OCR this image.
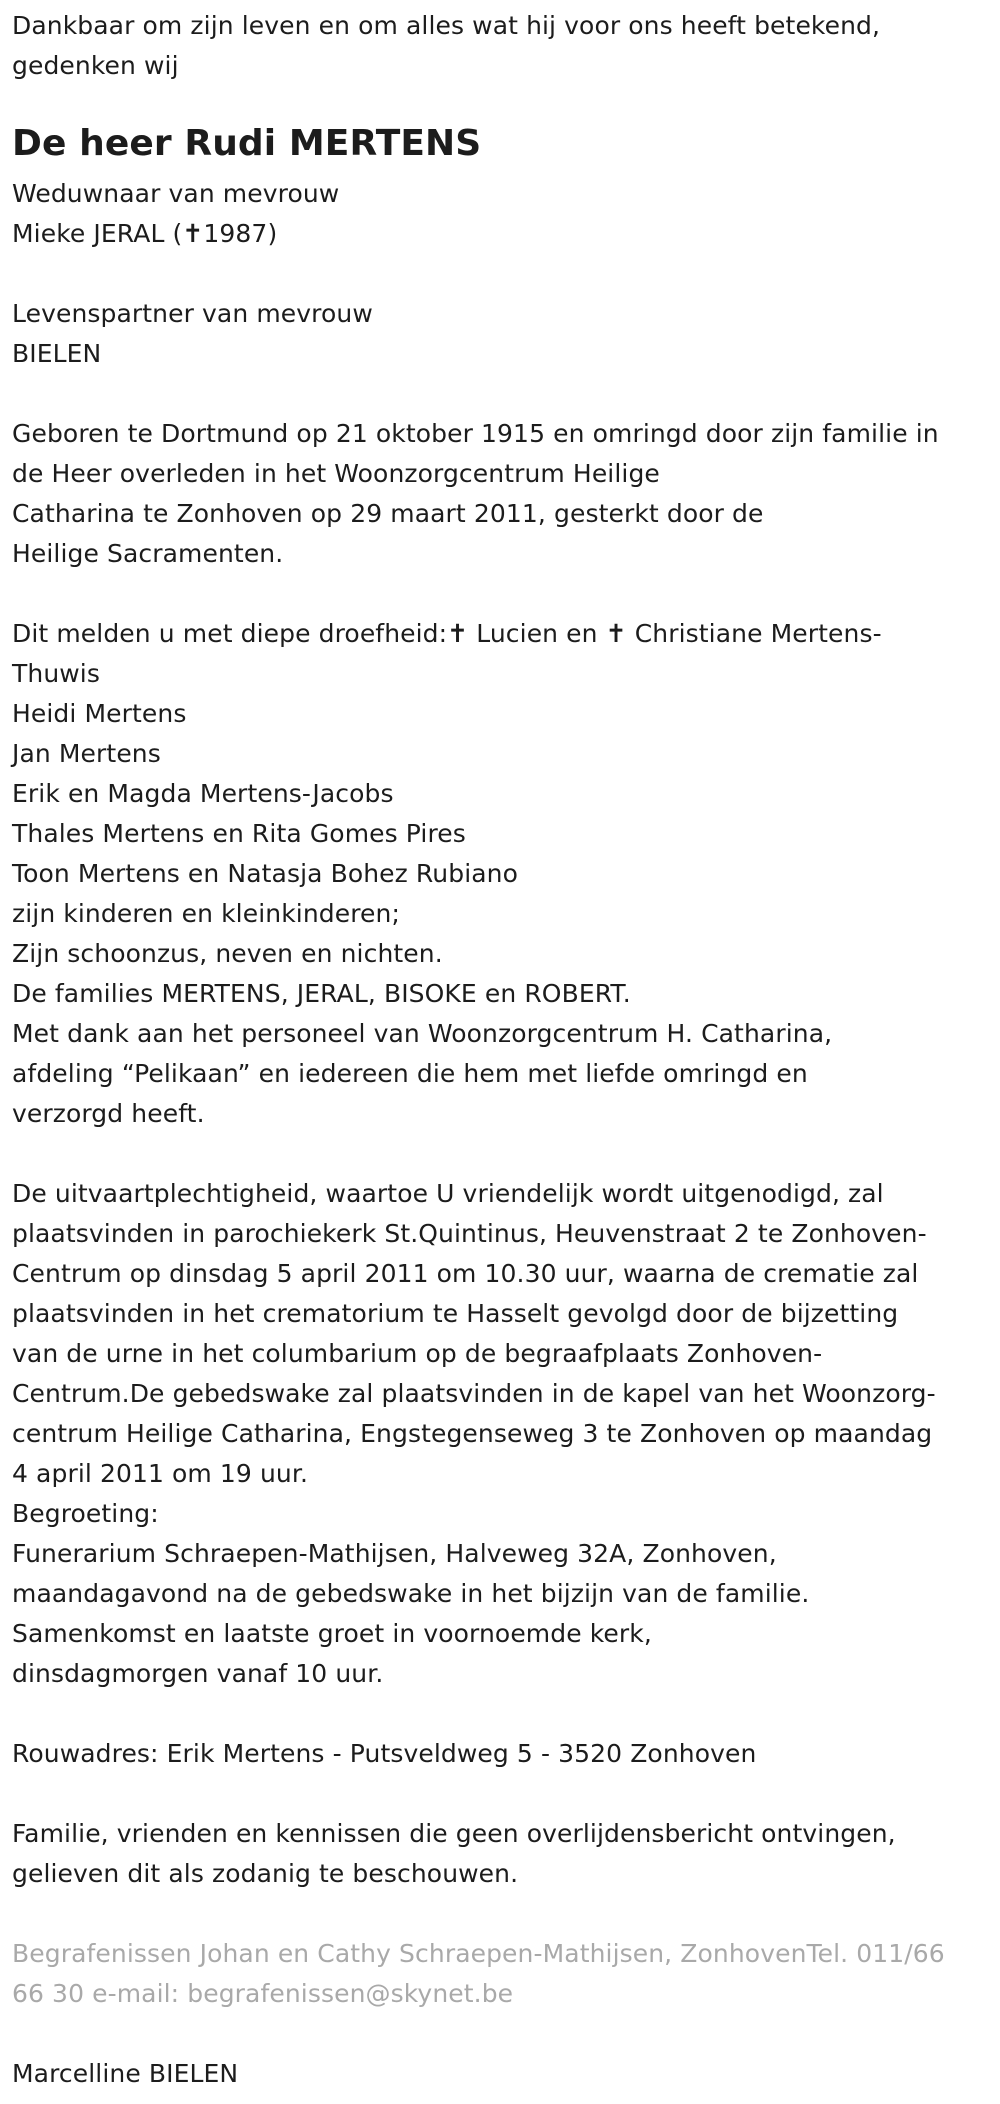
Dankbaar om zijn leven en om alles wat hij voor ons heeft betekend,
gedenken wij
De heer Rudi MERTENS
Weduwnaar van mevrouw
Mieke JERAL (✝1987)
Levenspartner van mevrouw
BIELEN
Geboren te Dortmund op 21 oktober 1915 en omringd door zijn familie in
de Heer overleden in het Woonzorgcentrum Heilige
Catharina te Zonhoven op 29 maart 2011, gesterkt door de
Heilige Sacramenten.
Dit melden u met diepe droefheid:✝ Lucien en ✝ Christiane Mertens-
Thuwis
Heidi Mertens
Jan Mertens
Erik en Magda Mertens-Jacobs
Thales Mertens en Rita Gomes Pires
Toon Mertens en Natasja Bohez Rubiano
zijn kinderen en kleinkinderen;
Zijn schoonzus, neven en nichten.
De families MERTENS, JERAL, BISOKE en ROBERT.
Met dank aan het personeel van Woonzorgcentrum H. Catharina,
afdeling “Pelikaan” en iedereen die hem met liefde omringd en
verzorgd heeft.
De uitvaartplechtigheid, waartoe U vriendelijk wordt uitgenodigd, zal
plaatsvinden in parochiekerk St.Quintinus, Heuvenstraat 2 te Zonhoven-
Centrum op dinsdag 5 april 2011 om 10.30 uur, waarna de crematie zal
plaatsvinden in het crematorium te Hasselt gevolgd door de bijzetting
van de urne in het columbarium op de begraafplaats Zonhoven-
Centrum.De gebedswake zal plaatsvinden in de kapel van het Woonzorg-
centrum Heilige Catharina, Engstegenseweg 3 te Zonhoven op maandag
4 april 2011 om 19 uur.
Begroeting:
Funerarium Schraepen-Mathijsen, Halveweg 32A, Zonhoven,
maandagavond na de gebedswake in het bijzijn van de familie.
Samenkomst en laatste groet in voornoemde kerk,
dinsdagmorgen vanaf 10 uur.
Rouwadres: Erik Mertens - Putsveldweg 5 - 3520 Zonhoven
Familie, vrienden en kennissen die geen overlijdensbericht ontvingen,
gelieven dit als zodanig te beschouwen.
Begrafenissen Johan en Cathy Schraepen-Mathijsen, ZonhovenTel. 011/66
66 30 e-mail: begrafenissen@skynet.be
Marcelline BIELEN
